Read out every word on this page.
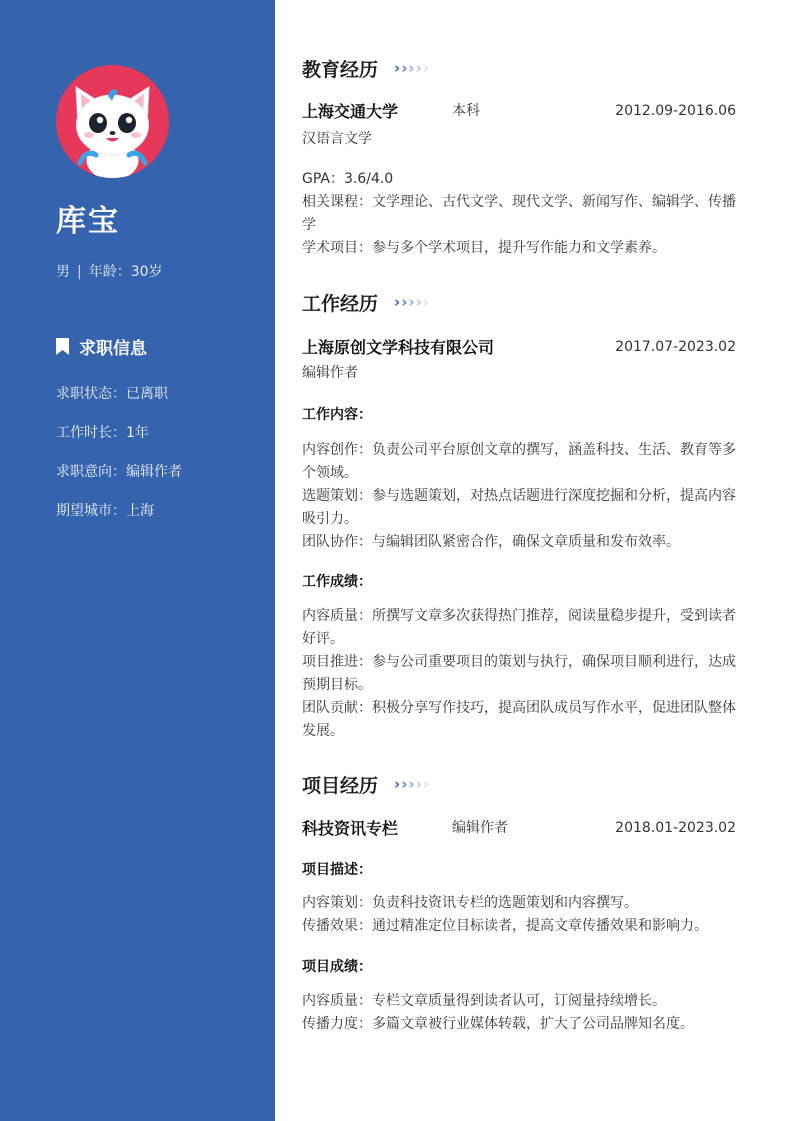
库宝
男 | 年龄：30岁
求职信息
求职状态：已离职
工作时长：1年
求职意向：编辑作者
期望城市：上海
教育经历 › › › › ›
上海交通大学	本科	2012.09-2016.06
汉语言文学
GPA：3.6/4.0
相关课程：文学理论、古代文学、现代文学、新闻写作、编辑学、传播学
学术项目：参与多个学术项目，提升写作能力和文学素养。
工作经历 › › › › ›
上海原创文学科技有限公司	2017.07-2023.02
编辑作者
工作内容：
内容创作：负责公司平台原创文章的撰写，涵盖科技、生活、教育等多个领域。
选题策划：参与选题策划，对热点话题进行深度挖掘和分析，提高内容吸引力。
团队协作：与编辑团队紧密合作，确保文章质量和发布效率。
工作成绩：
内容质量：所撰写文章多次获得热门推荐，阅读量稳步提升，受到读者好评。
项目推进：参与公司重要项目的策划与执行，确保项目顺利进行，达成预期目标。
团队贡献：积极分享写作技巧，提高团队成员写作水平，促进团队整体发展。
项目经历 › › › › ›
科技资讯专栏	编辑作者	2018.01-2023.02
项目描述：
内容策划：负责科技资讯专栏的选题策划和内容撰写。
传播效果：通过精准定位目标读者，提高文章传播效果和影响力。
项目成绩：
内容质量：专栏文章质量得到读者认可，订阅量持续增长。
传播力度：多篇文章被行业媒体转载，扩大了公司品牌知名度。
